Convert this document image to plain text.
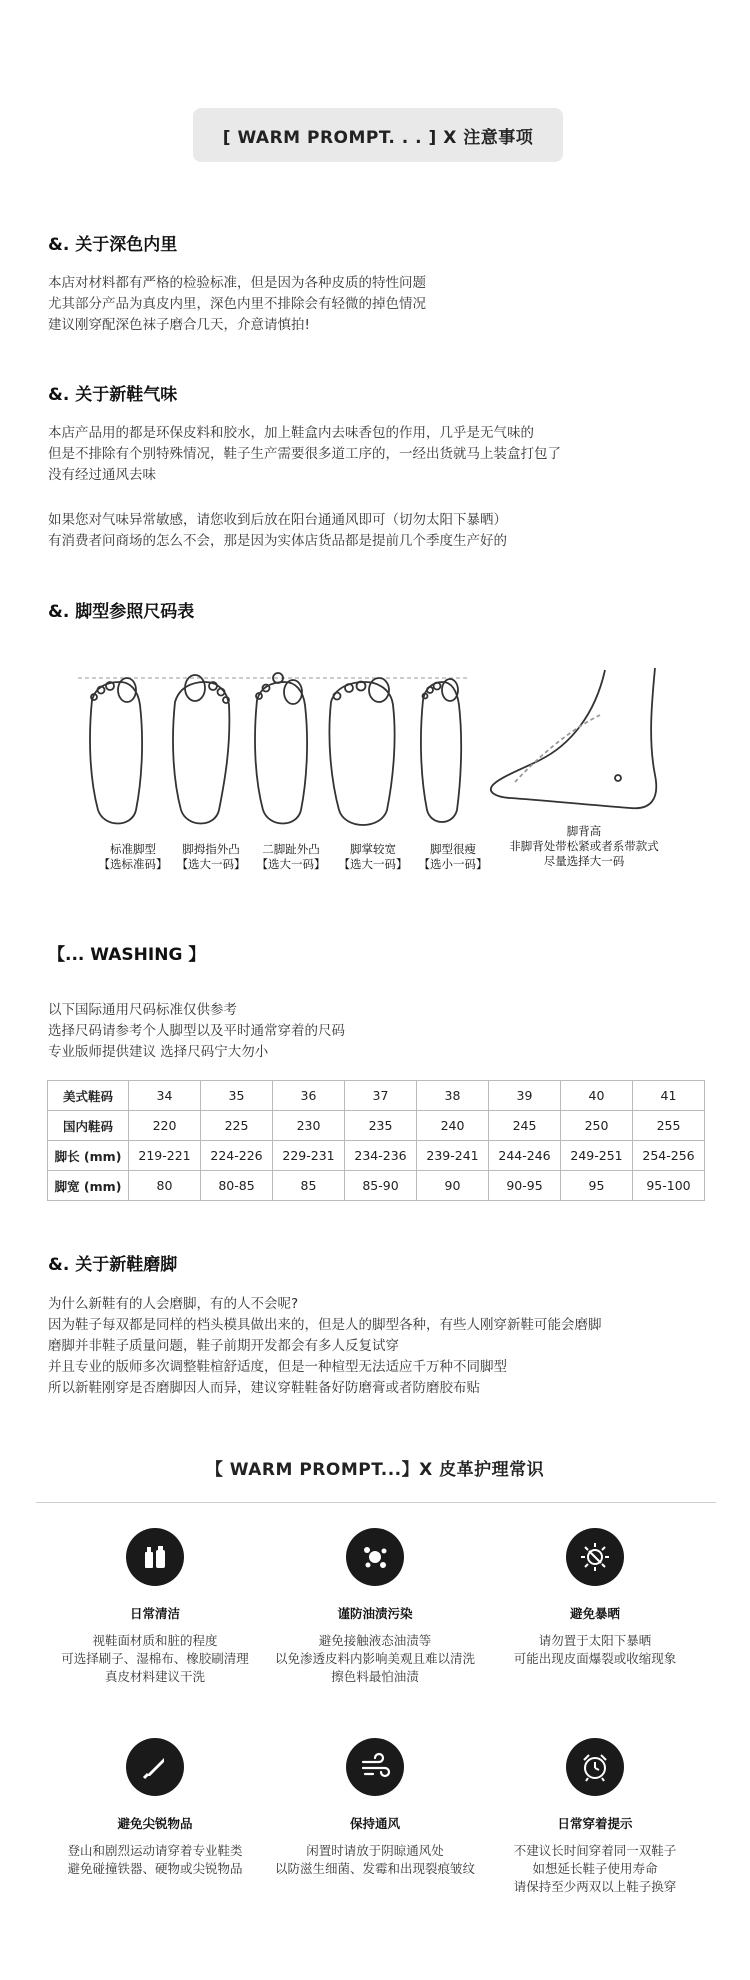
[ WARM PROMPT. . . ] X 注意事项
&. 关于深色内里
本店对材料都有严格的检验标准，但是因为各种皮质的特性问题
尤其部分产品为真皮内里，深色内里不排除会有轻微的掉色情况
建议刚穿配深色袜子磨合几天，介意请慎拍!
&. 关于新鞋气味
本店产品用的都是环保皮料和胶水，加上鞋盒内去味香包的作用，几乎是无气味的
但是不排除有个别特殊情况，鞋子生产需要很多道工序的，一经出货就马上装盒打包了
没有经过通风去味
如果您对气味异常敏感，请您收到后放在阳台通通风即可（切勿太阳下暴晒）
有消费者问商场的怎么不会，那是因为实体店货品都是提前几个季度生产好的
&. 脚型参照尺码表
标准脚型
【选标准码】
脚拇指外凸
【选大一码】
二脚趾外凸
【选大一码】
脚掌较宽
【选大一码】
脚型很瘦
【选小一码】
脚背高
非脚背处带松紧或者系带款式
尽量选择大一码
【... WASHING 】
以下国际通用尺码标准仅供参考
选择尺码请参考个人脚型以及平时通常穿着的尺码
专业版师提供建议 选择尺码宁大勿小
美式鞋码	34	35	36	37	38	39	40	41
国内鞋码	220	225	230	235	240	245	250	255
脚长 (mm)	219-221	224-226	229-231	234-236	239-241	244-246	249-251	254-256
脚宽 (mm)	80	80-85	85	85-90	90	90-95	95	95-100
&. 关于新鞋磨脚
为什么新鞋有的人会磨脚，有的人不会呢?
因为鞋子每双都是同样的档头模具做出来的，但是人的脚型各种，有些人刚穿新鞋可能会磨脚
磨脚并非鞋子质量问题，鞋子前期开发都会有多人反复试穿
并且专业的版师多次调整鞋楦舒适度，但是一种楦型无法适应千万种不同脚型
所以新鞋刚穿是否磨脚因人而异，建议穿鞋鞋备好防磨膏或者防磨胶布贴
【 WARM PROMPT...】X 皮革护理常识
日常清洁
视鞋面材质和脏的程度
可选择刷子、湿棉布、橡胶刷清理
真皮材料建议干洗
谨防油渍污染
避免接触液态油渍等
以免渗透皮料内影响美观且难以清洗
擦色料最怕油渍
避免暴晒
请勿置于太阳下暴晒
可能出现皮面爆裂或收缩现象
避免尖锐物品
登山和剧烈运动请穿着专业鞋类
避免碰撞铁器、硬物或尖锐物品
保持通风
闲置时请放于阴晾通风处
以防滋生细菌、发霉和出现裂痕皱纹
日常穿着提示
不建议长时间穿着同一双鞋子
如想延长鞋子使用寿命
请保持至少两双以上鞋子换穿
